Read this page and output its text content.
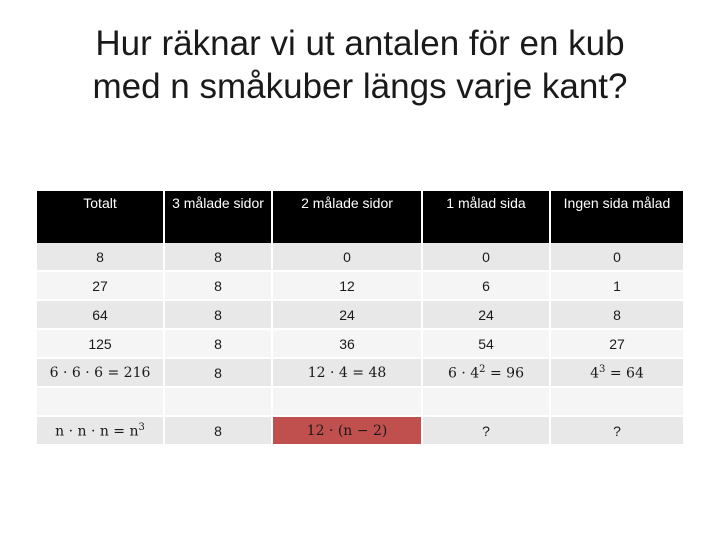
Hur räknar vi ut antalen för en kub
med n småkuber längs varje kant?
Totalt	3 målade sidor	2 målade sidor	1 målad sida	Ingen sida målad
8	8	0	0	0
27	8	12	6	1
64	8	24	24	8
125	8	36	54	27
6 · 6 · 6 = 216	8	12 · 4 = 48	$6 \cdot 4^2 = 96$	$4^3 = 64$

$n \cdot n \cdot n = n^3$	8	12 · (n − 2)	?	?
